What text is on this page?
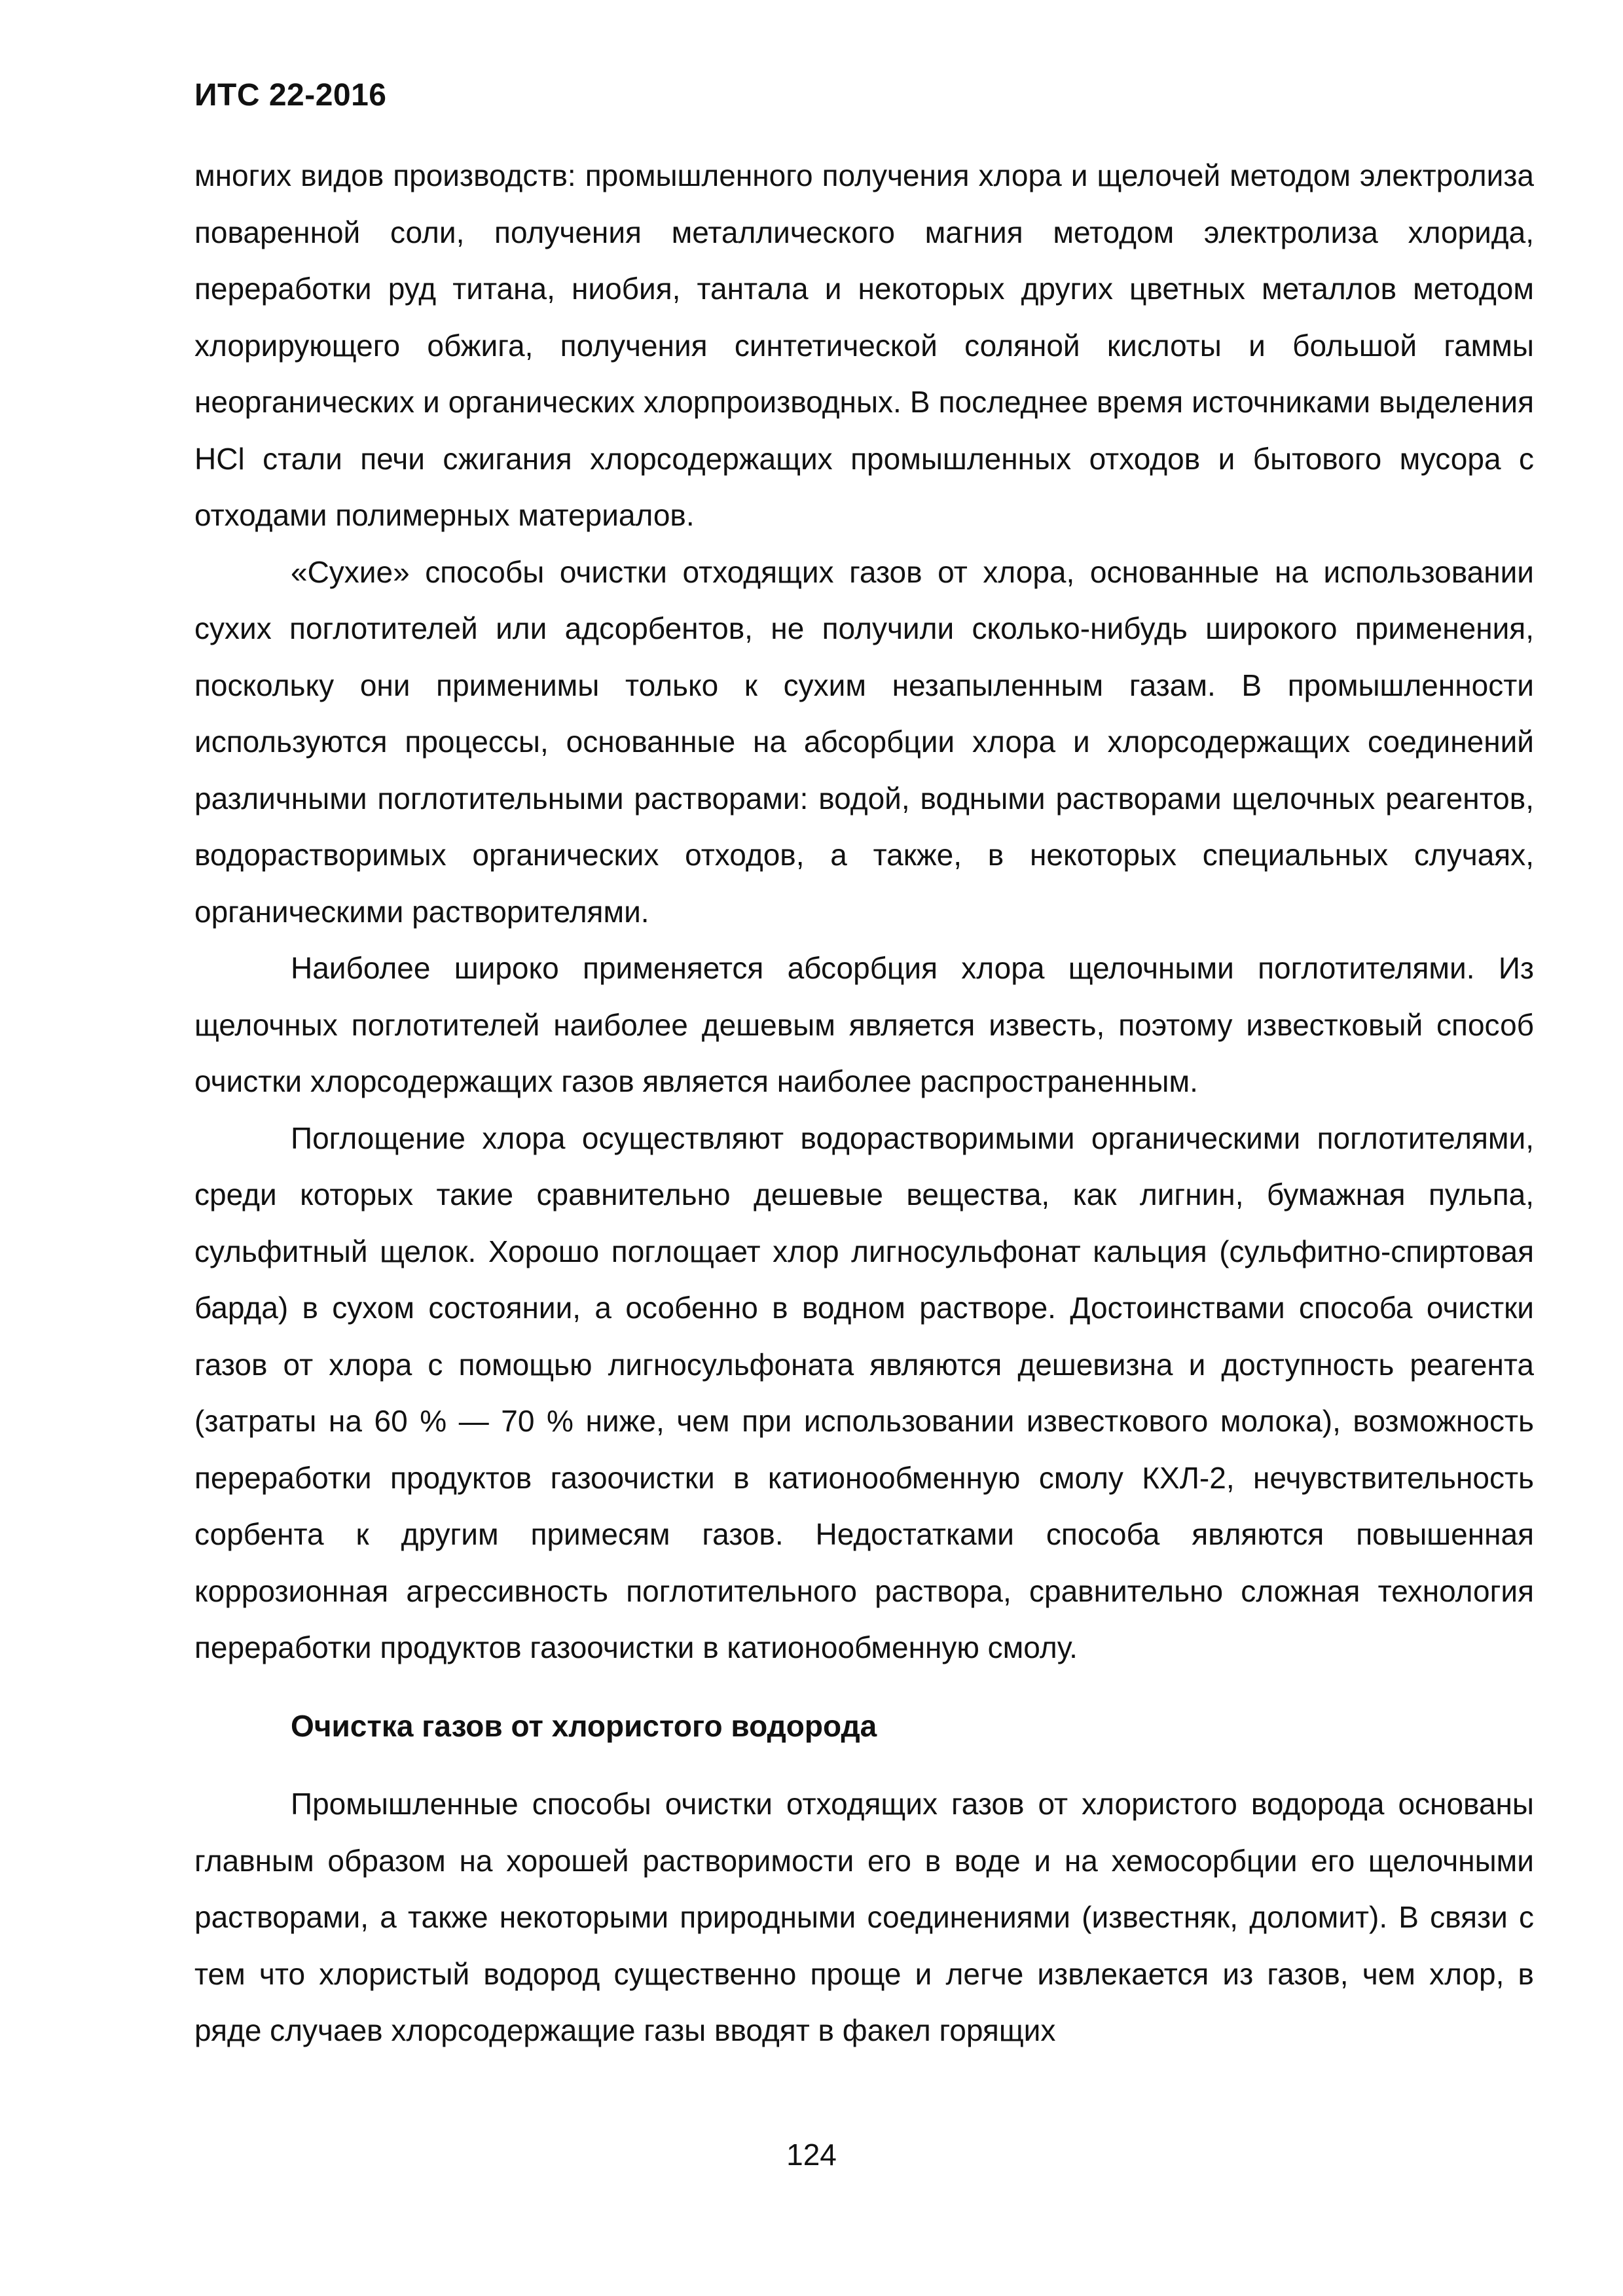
ИТС 22-2016

многих видов производств: промышленного получения хлора и щелочей методом электролиза поваренной соли, получения металлического магния методом электролиза хлорида, переработки руд титана, ниобия, тантала и некоторых других цветных металлов методом хлорирующего обжига, получения синтетической соляной кислоты и большой гаммы неорганических и органических хлорпроизводных. В последнее время источниками выделения HCl стали печи сжигания хлорсодержащих промышленных отходов и бытового мусора с отходами полимерных материалов.

«Сухие» способы очистки отходящих газов от хлора, основанные на использовании сухих поглотителей или адсорбентов, не получили сколько-нибудь широкого применения, поскольку они применимы только к сухим незапыленным газам. В промышленности используются процессы, основанные на абсорбции хлора и хлорсодержащих соединений различными поглотительными растворами: водой, водными растворами щелочных реагентов, водорастворимых органических отходов, а также, в некоторых специальных случаях, органическими растворителями.

Наиболее широко применяется абсорбция хлора щелочными поглотителями. Из щелочных поглотителей наиболее дешевым является известь, поэтому известковый способ очистки хлорсодержащих газов является наиболее распространенным.

Поглощение хлора осуществляют водорастворимыми органическими поглотителями, среди которых такие сравнительно дешевые вещества, как лигнин, бумажная пульпа, сульфитный щелок. Хорошо поглощает хлор лигносульфонат кальция (сульфитно-спиртовая барда) в сухом состоянии, а особенно в водном растворе. Достоинствами способа очистки газов от хлора с помощью лигносульфоната являются дешевизна и доступность реагента (затраты на 60 % — 70 % ниже, чем при использовании известкового молока), возможность переработки продуктов газоочистки в катионообменную смолу КХЛ-2, нечувствительность сорбента к другим примесям газов. Недостатками способа являются повышенная коррозионная агрессивность поглотительного раствора, сравнительно сложная технология переработки продуктов газоочистки в катионообменную смолу.

Очистка газов от хлористого водорода

Промышленные способы очистки отходящих газов от хлористого водорода основаны главным образом на хорошей растворимости его в воде и на хемосорбции его щелочными растворами, а также некоторыми природными соединениями (известняк, доломит). В связи с тем что хлористый водород существенно проще и легче извлекается из газов, чем хлор, в ряде случаев хлорсодержащие газы вводят в факел горящих

124
